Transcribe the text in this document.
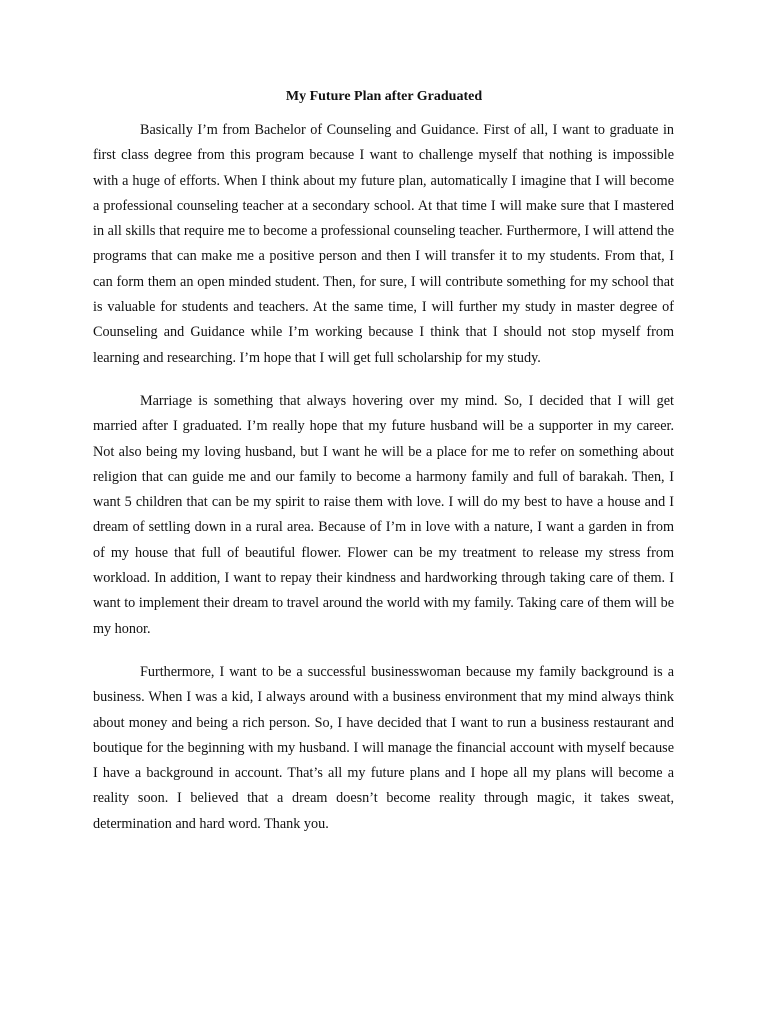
My Future Plan after Graduated

Basically I’m from Bachelor of Counseling and Guidance. First of all, I want to graduate in first class degree from this program because I want to challenge myself that nothing is impossible with a huge of efforts. When I think about my future plan, automatically I imagine that I will become a professional counseling teacher at a secondary school. At that time I will make sure that I mastered in all skills that require me to become a professional counseling teacher. Furthermore, I will attend the programs that can make me a positive person and then I will transfer it to my students. From that, I can form them an open minded student. Then, for sure, I will contribute something for my school that is valuable for students and teachers. At the same time, I will further my study in master degree of Counseling and Guidance while I’m working because I think that I should not stop myself from learning and researching. I’m hope that I will get full scholarship for my study.

Marriage is something that always hovering over my mind. So, I decided that I will get married after I graduated. I’m really hope that my future husband will be a supporter in my career. Not also being my loving husband, but I want he will be a place for me to refer on something about religion that can guide me and our family to become a harmony family and full of barakah. Then, I want 5 children that can be my spirit to raise them with love. I will do my best to have a house and I dream of settling down in a rural area. Because of I’m in love with a nature, I want a garden in from of my house that full of beautiful flower. Flower can be my treatment to release my stress from workload. In addition, I want to repay their kindness and hardworking through taking care of them. I want to implement their dream to travel around the world with my family. Taking care of them will be my honor.

Furthermore, I want to be a successful businesswoman because my family background is a business. When I was a kid, I always around with a business environment that my mind always think about money and being a rich person. So, I have decided that I want to run a business restaurant and boutique for the beginning with my husband. I will manage the financial account with myself because I have a background in account. That’s all my future plans and I hope all my plans will become a reality soon. I believed that a dream doesn’t become reality through magic, it takes sweat, determination and hard word. Thank you.
